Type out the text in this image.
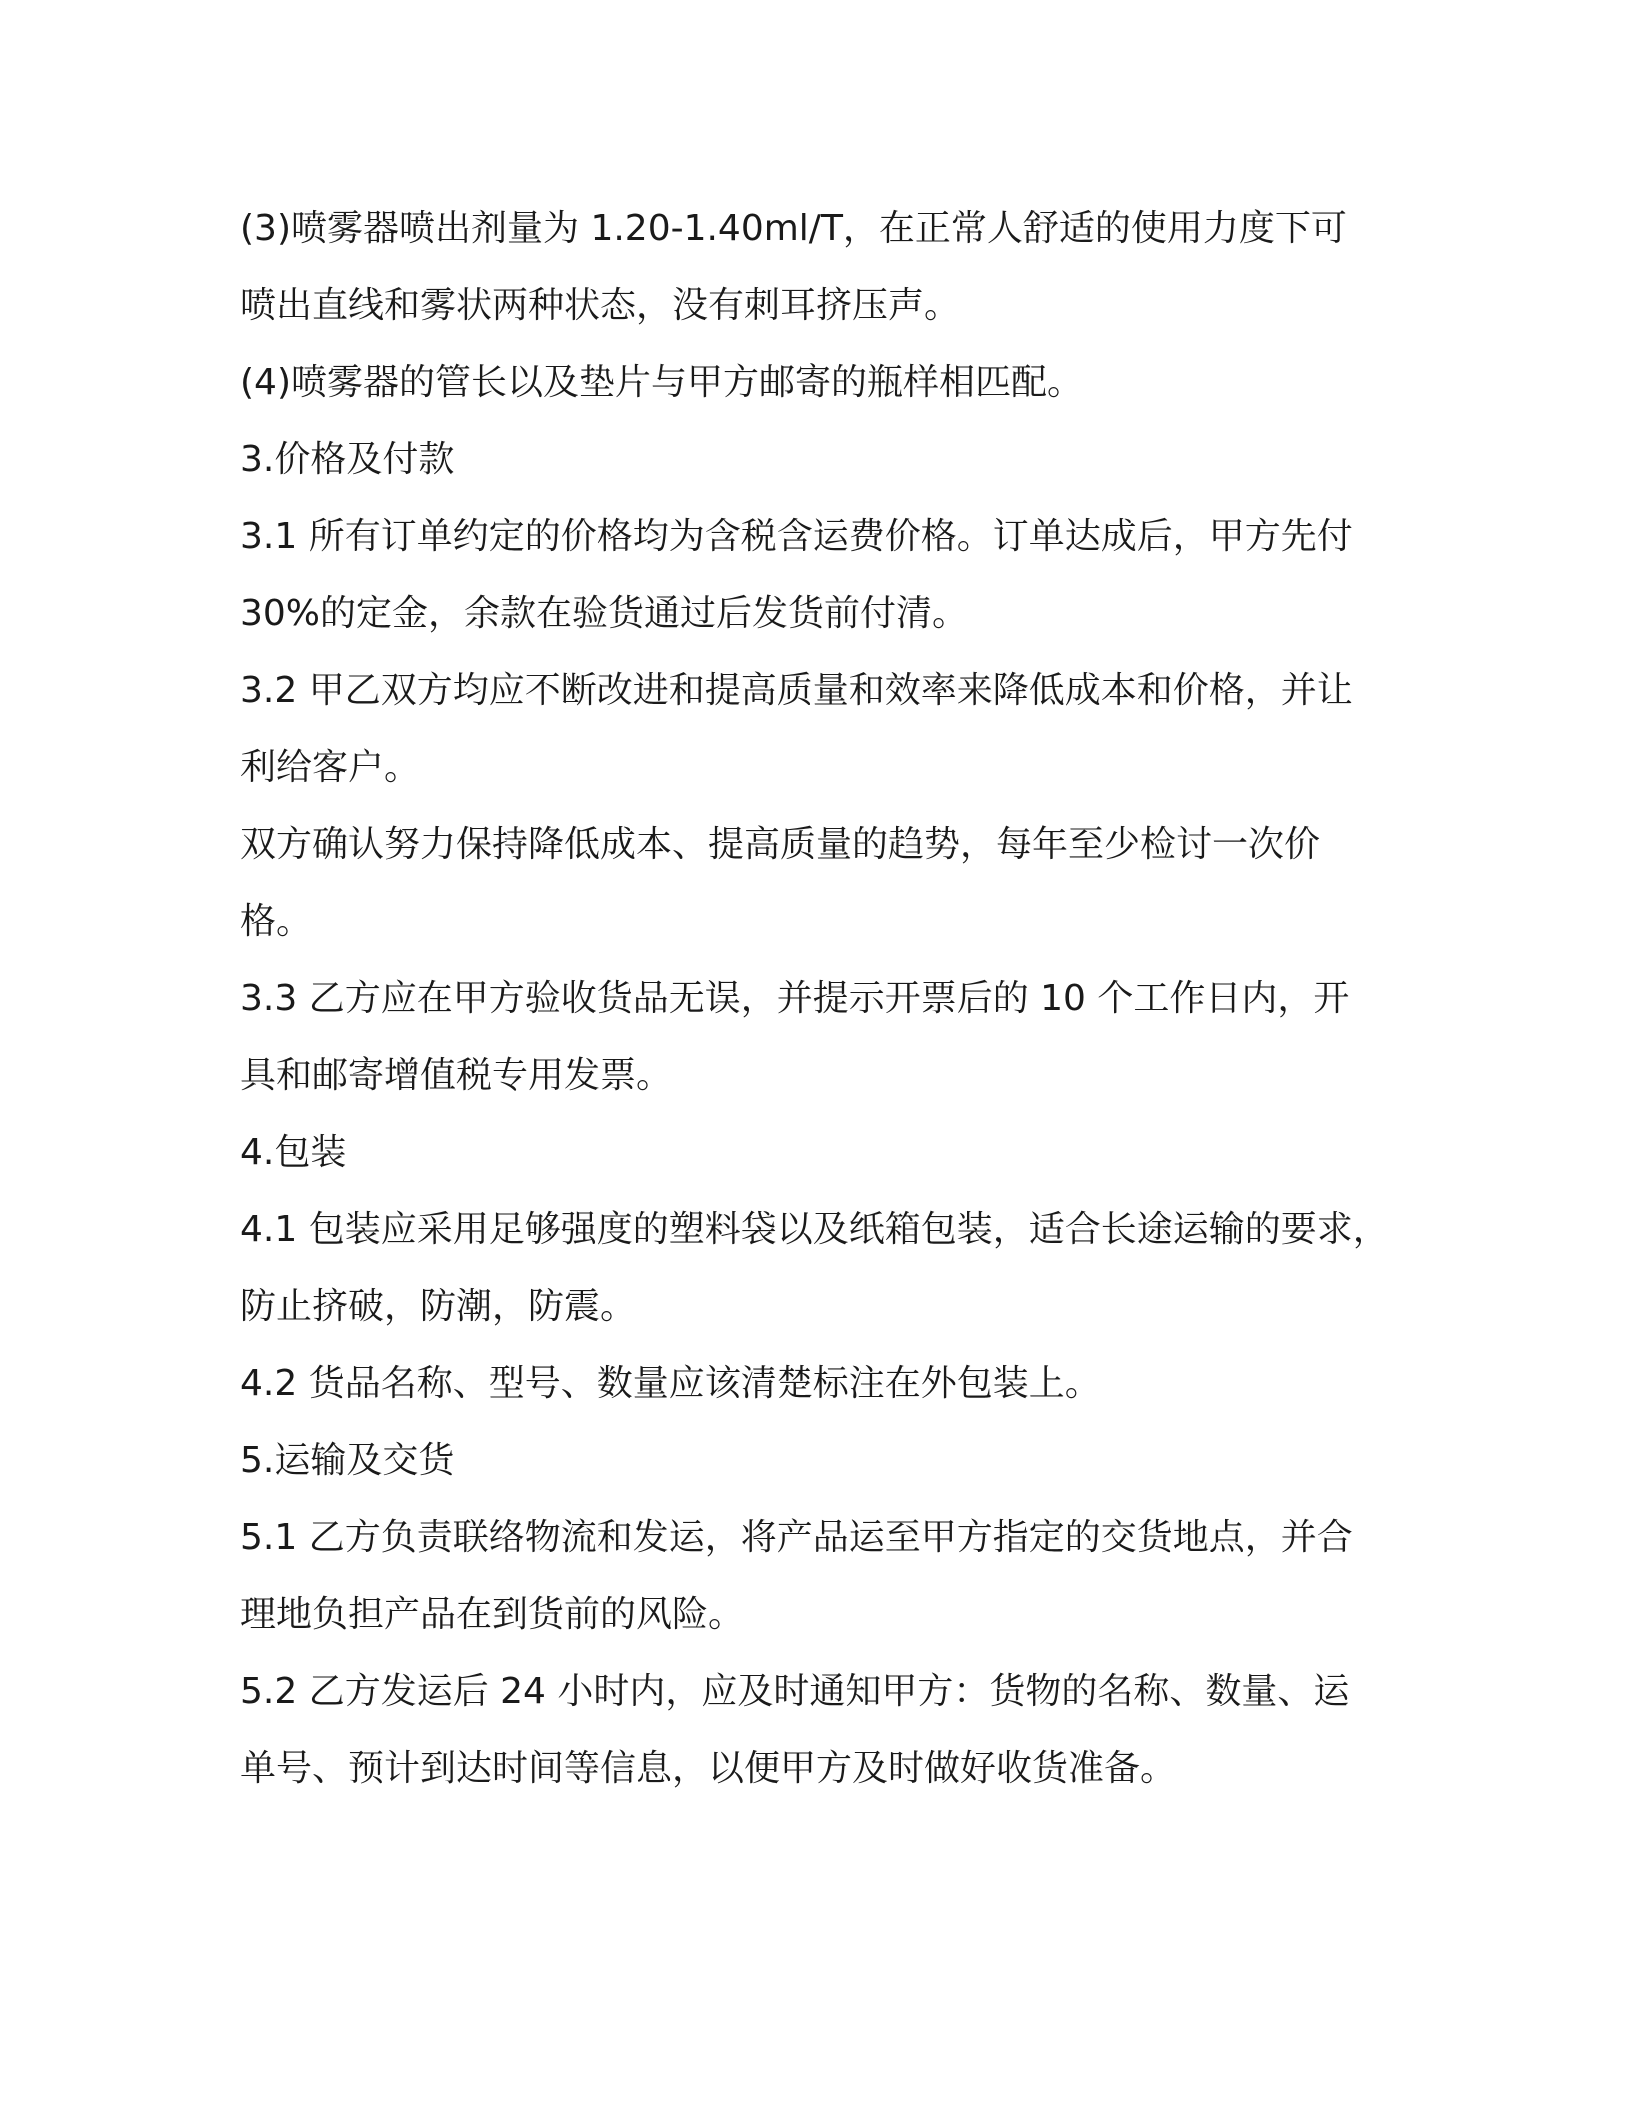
(3)喷雾器喷出剂量为 1.20-1.40ml/T，在正常人舒适的使用力度下可
喷出直线和雾状两种状态，没有刺耳挤压声。
(4)喷雾器的管长以及垫片与甲方邮寄的瓶样相匹配。
3.价格及付款
3.1 所有订单约定的价格均为含税含运费价格。订单达成后，甲方先付
30%的定金，余款在验货通过后发货前付清。
3.2 甲乙双方均应不断改进和提高质量和效率来降低成本和价格，并让
利给客户。
双方确认努力保持降低成本、提高质量的趋势，每年至少检讨一次价
格。
3.3 乙方应在甲方验收货品无误，并提示开票后的 10 个工作日内，开
具和邮寄增值税专用发票。
4.包装
4.1 包装应采用足够强度的塑料袋以及纸箱包装，适合长途运输的要求，
防止挤破，防潮，防震。
4.2 货品名称、型号、数量应该清楚标注在外包装上。
5.运输及交货
5.1 乙方负责联络物流和发运，将产品运至甲方指定的交货地点，并合
理地负担产品在到货前的风险。
5.2 乙方发运后 24 小时内，应及时通知甲方：货物的名称、数量、运
单号、预计到达时间等信息，以便甲方及时做好收货准备。
